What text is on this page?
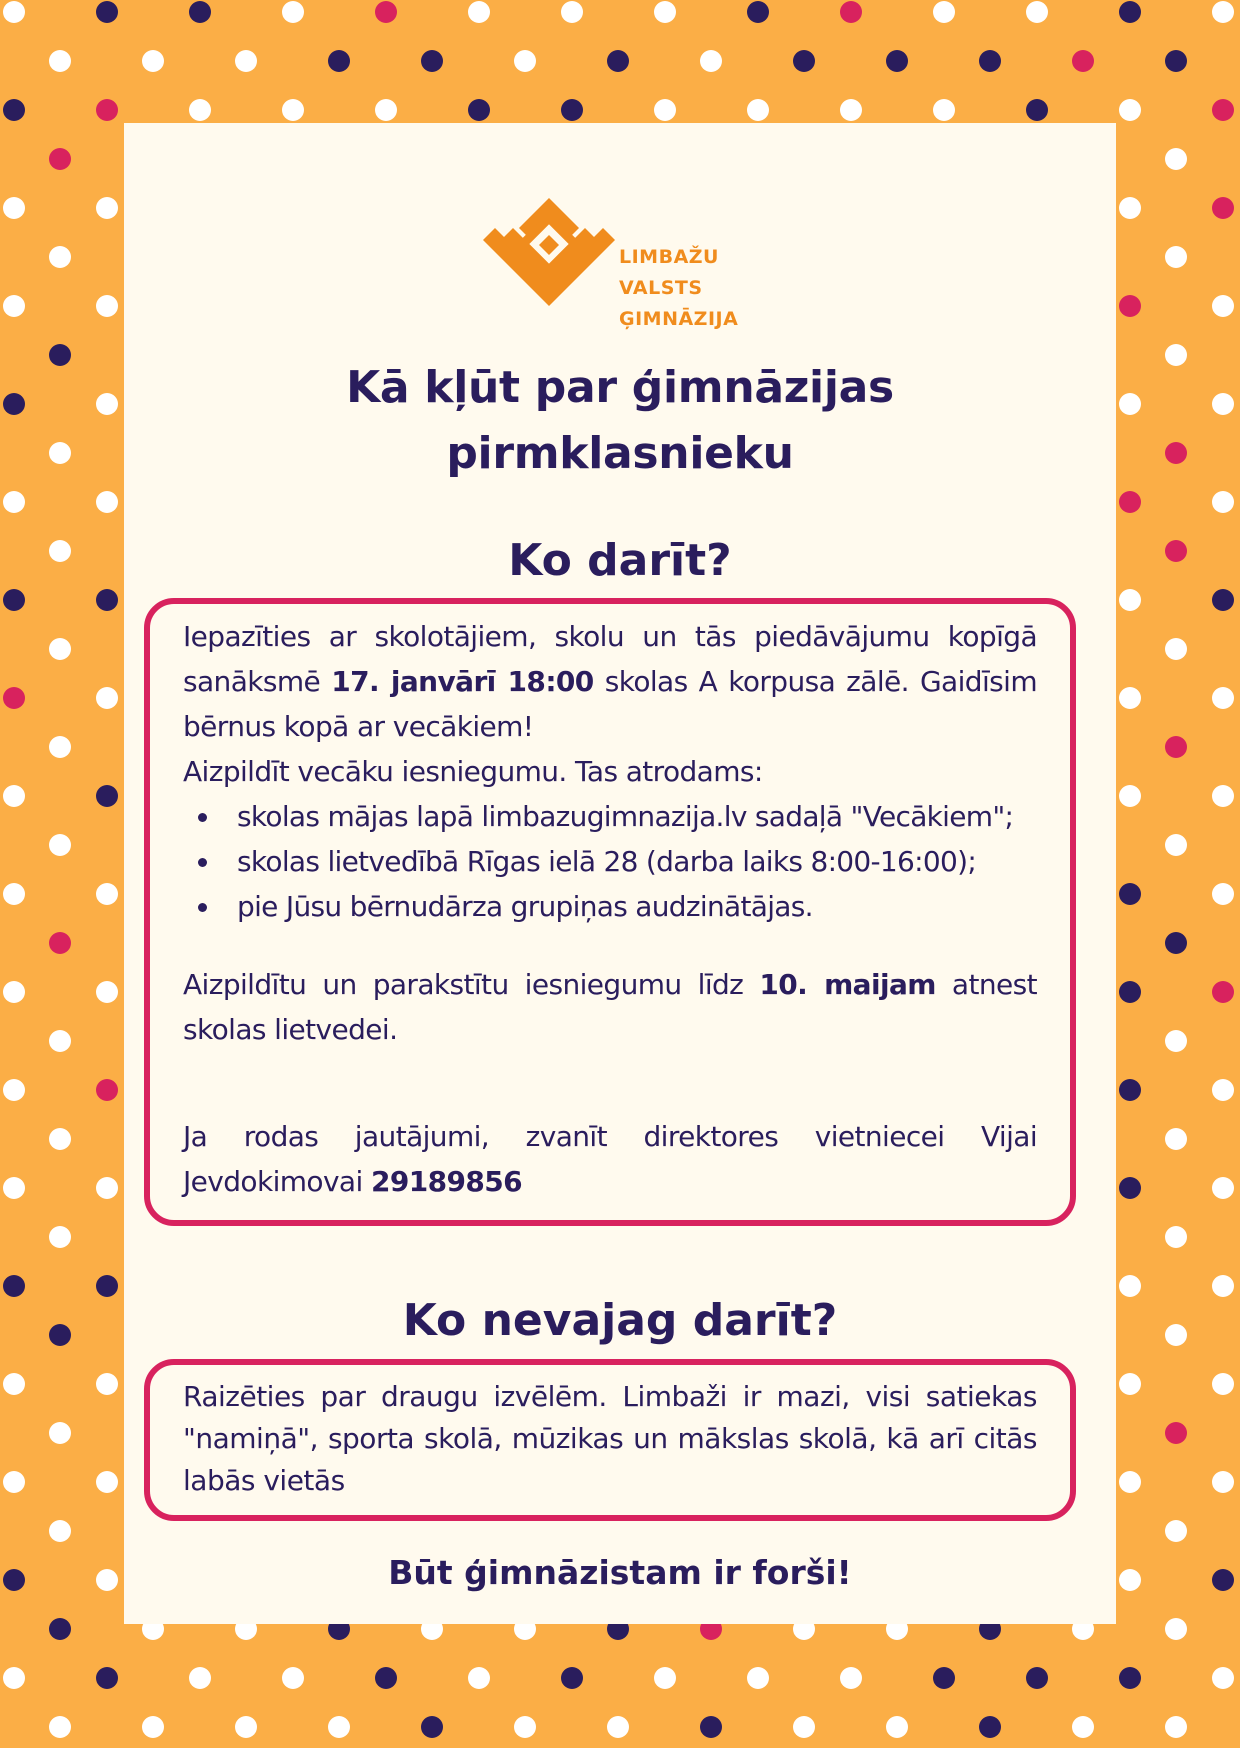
LIMBAŽU
VALSTS
ĢIMNĀZIJA
Kā kļūt par ģimnāzijas
pirmklasnieku
Ko darīt?

Iepazīties ar skolotājiem, skolu un tās piedāvājumu kopīgā sanāksmē 17. janvārī 18:00 skolas A korpusa zālē. Gaidīsim bērnus kopā ar vecākiem!

Aizpildīt vecāku iesniegumu. Tas atrodams:

skolas mājas lapā limbazugimnazija.lv sadaļā "Vecākiem";
skolas lietvedībā Rīgas ielā 28 (darba laiks 8:00-16:00);
pie Jūsu bērnudārza grupiņas audzinātājas.

Aizpildītu un parakstītu iesniegumu līdz 10. maijam atnest skolas lietvedei.

Ja rodas jautājumi, zvanīt direktores vietniecei Vijai Jevdokimovai 29189856

Ko nevajag darīt?

Raizēties par draugu izvēlēm. Limbaži ir mazi, visi satiekas "namiņā", sporta skolā, mūzikas un mākslas skolā, kā arī citās labās vietās

Būt ģimnāzistam ir forši!
